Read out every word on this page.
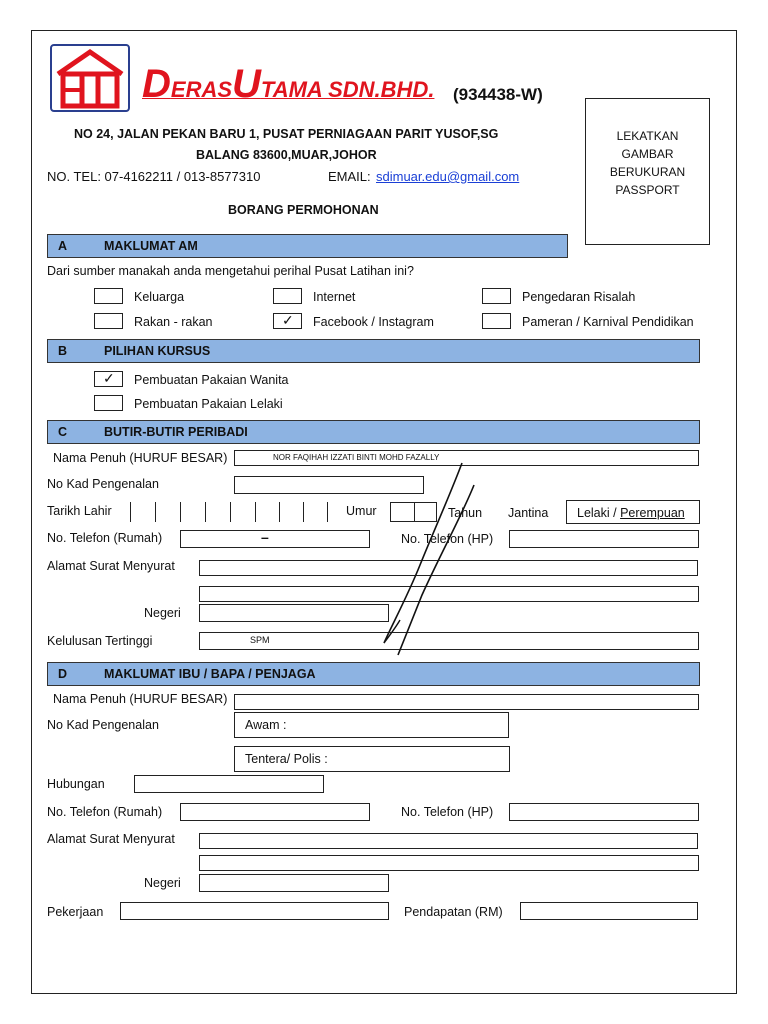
DERASUTAMA SDN.BHD. (934438-W)
NO 24, JALAN PEKAN BARU 1, PUSAT PERNIAGAAN PARIT YUSOF,SG
BALANG 83600,MUAR,JOHOR
NO. TEL: 07-4162211 / 013-8577310	EMAIL: sdimuar.edu@gmail.com
BORANG PERMOHONAN
LEKATKAN
GAMBAR
BERUKURAN
PASSPORT
A	MAKLUMAT AM
Dari sumber manakah anda mengetahui perihal Pusat Latihan ini?
Keluarga	Internet	Pengedaran Risalah
Rakan - rakan	✓ Facebook / Instagram	Pameran / Karnival Pendidikan
B	PILIHAN KURSUS
✓ Pembuatan Pakaian Wanita
Pembuatan Pakaian Lelaki
C	BUTIR-BUTIR PERIBADI
Nama Penuh (HURUF BESAR)	NOR FAQIHAH IZZATI BINTI MOHD FAZALLY
No Kad Pengenalan
Tarikh Lahir	Umur	Tahun Jantina Lelaki / Perempuan
No. Telefon (Rumah)	–	No. Telefon (HP)
Alamat Surat Menyurat
Negeri
Kelulusan Tertinggi	SPM
D	MAKLUMAT IBU / BAPA / PENJAGA
Nama Penuh (HURUF BESAR)
No Kad Pengenalan	Awam :
Tentera/ Polis :
Hubungan
No. Telefon (Rumah)	No. Telefon (HP)
Alamat Surat Menyurat
Negeri
Pekerjaan	Pendapatan (RM)
